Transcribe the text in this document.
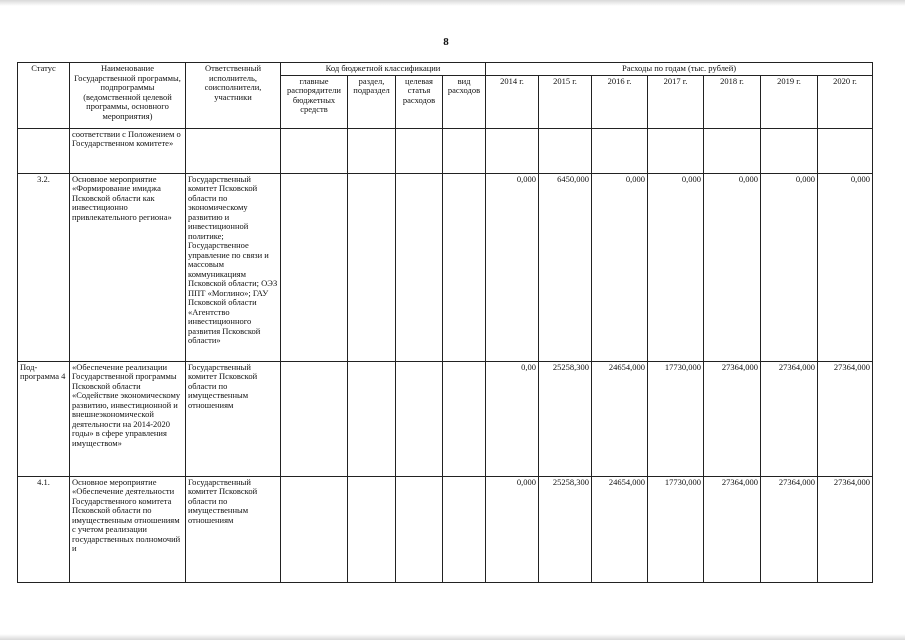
8
Статус	Наименование Государственной программы, подпрограммы (ведомственной целевой программы, основного мероприятия)	Ответственный исполнитель, соисполнители, участники	Код бюджетной классификации				Расходы по годам (тыс. рублей)						
			главные распорядители бюджетных средств	раздел, подраздел	целевая статья расходов	вид расходов	2014 г.	2015 г.	2016 г.	2017 г.	2018 г.	2019 г.	2020 г.
	соответствии с Положением о Государственном комитете»												
3.2.	Основное мероприятие «Формирование имиджа Псковской области как инвестиционно привлекательного региона»	Государственный комитет Псковской области по экономическому развитию и инвестиционной политике; Государственное управление по связи и массовым коммуникациям Псковской области; ОЭЗ ППТ «Моглино»; ГАУ Псковской области «Агентство инвестиционного развития Псковской области»					0,000	6450,000	0,000	0,000	0,000	0,000	0,000
Под-программа 4	«Обеспечение реализации Государственной программы Псковской области «Содействие экономическому развитию, инвестиционной и внешнеэкономической деятельности на 2014-2020 годы» в сфере управления имуществом»	Государственный комитет Псковской области по имущественным отношениям					0,00	25258,300	24654,000	17730,000	27364,000	27364,000	27364,000
4.1.	Основное мероприятие «Обеспечение деятельности Государственного комитета Псковской области по имущественным отношениям с учетом реализации государственных полномочий и	Государственный комитет Псковской области по имущественным отношениям					0,000	25258,300	24654,000	17730,000	27364,000	27364,000	27364,000
